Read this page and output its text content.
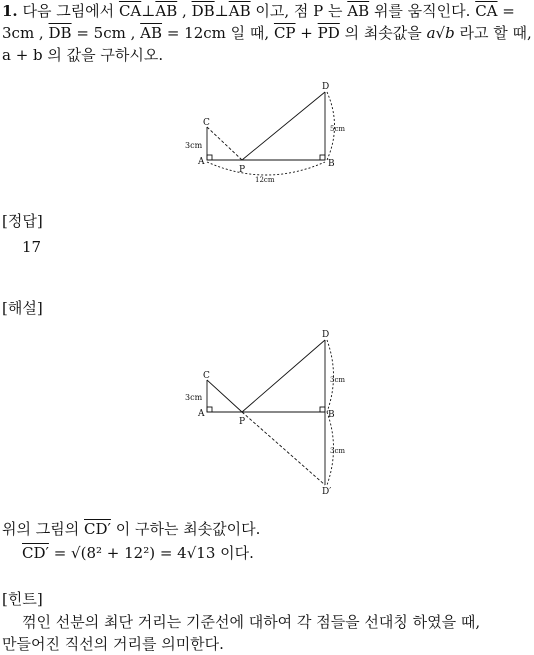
1. 다음 그림에서 $\overline{CA}\perp\overline{AB}$ , $\overline{DB}\perp\overline{AB}$ 이고, 점 P 는 $\overline{AB}$ 위를 움직인다. $\overline{CA}$ =
3cm , $\overline{DB} = 5cm$ , $\overline{AB} = 12cm$ 일 때, $\overline{CP} + \overline{PD}$ 의 최솟값을 a√b 라고 할 때,
a + b 의 값을 구하시오.
C
A	B
D
P
3cm
5cm
12cm
[정답]
17
[해설]
C
A	B
D
D′
P
3cm
3cm
3cm
위의 그림의 CD′ 이 구하는 최솟값이다.
CD′ = √(8² + 12²) = 4√13 이다.
[힌트]
꺾인 선분의 최단 거리는 기준선에 대하여 각 점들을 선대칭 하였을 때,
만들어진 직선의 거리를 의미한다.
